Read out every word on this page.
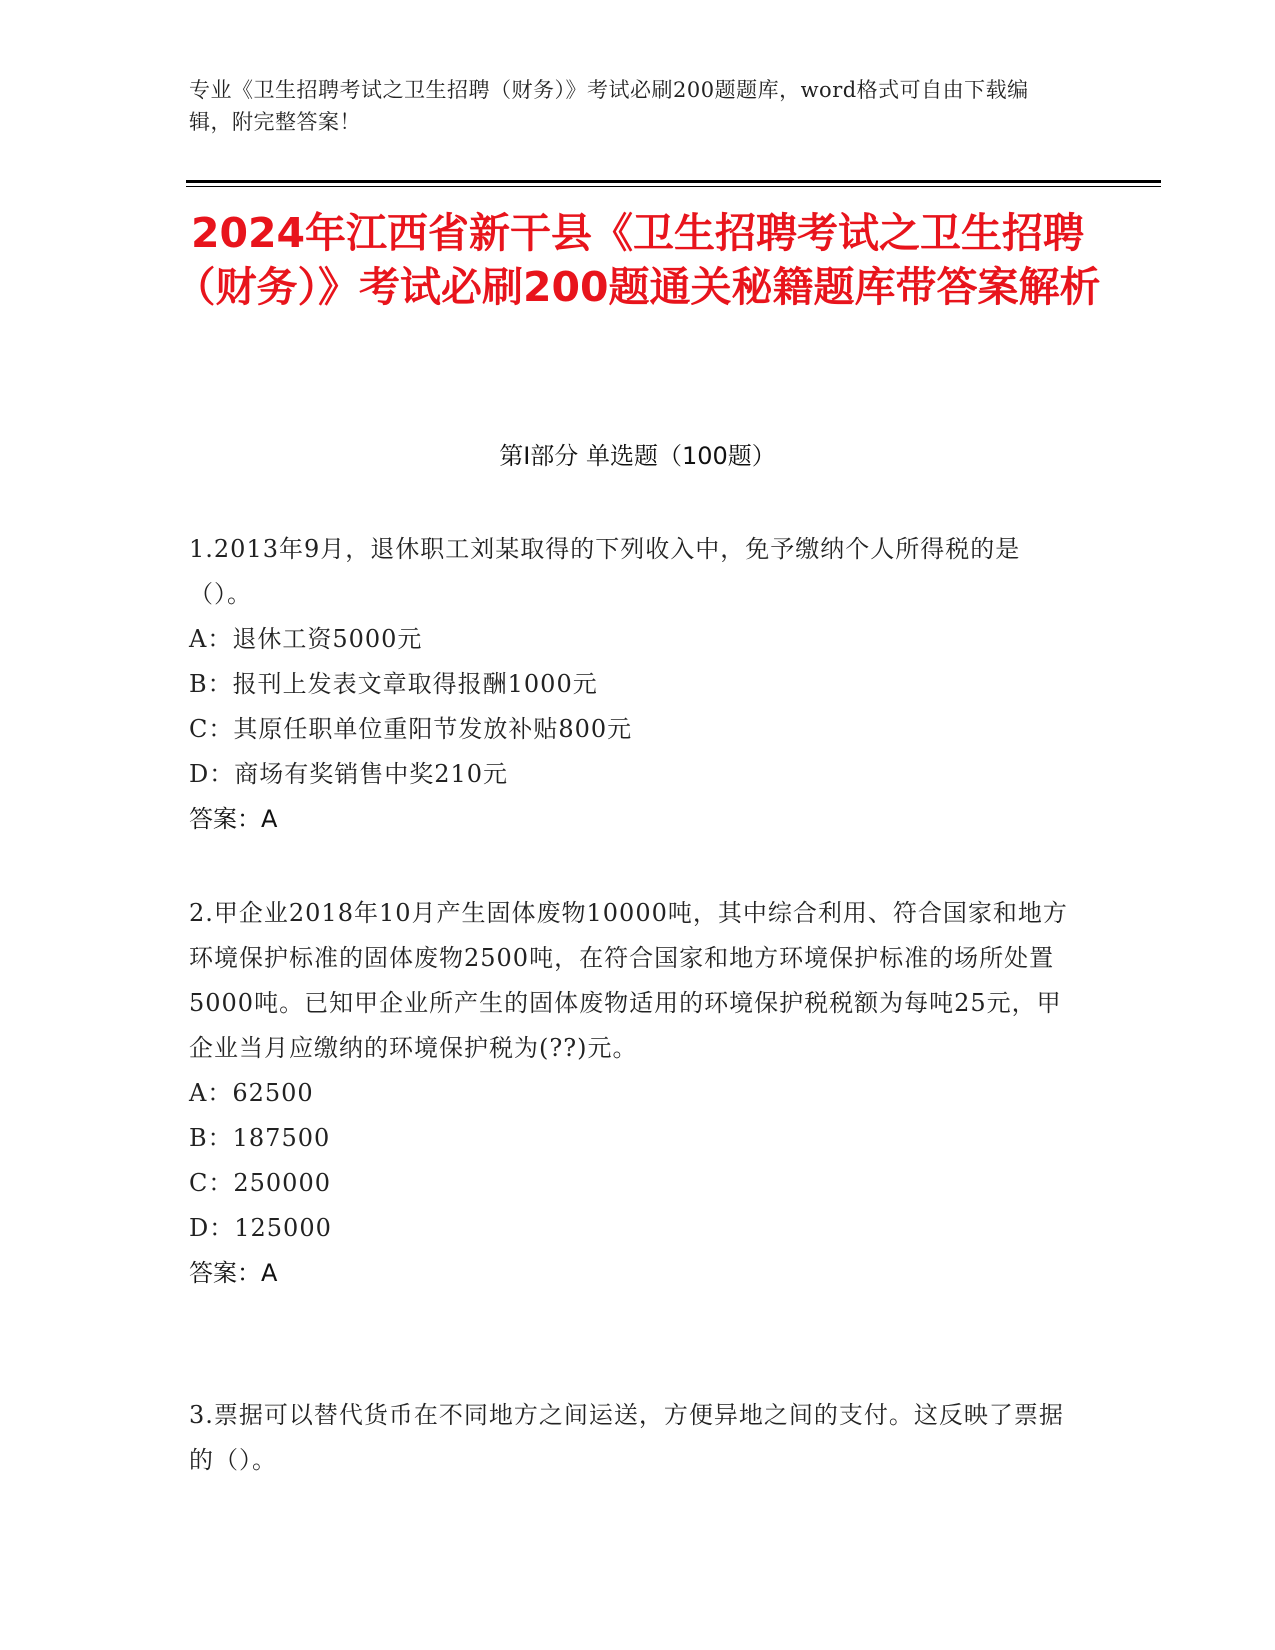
专业《卫生招聘考试之卫生招聘（财务）》考试必刷200题题库，word格式可自由下载编辑，附完整答案！
2024年江西省新干县《卫生招聘考试之卫生招聘（财务）》考试必刷200题通关秘籍题库带答案解析
第I部分 单选题（100题）
1.2013年9月，退休职工刘某取得的下列收入中，免予缴纳个人所得税的是（）。
A：退休工资5000元
B：报刊上发表文章取得报酬1000元
C：其原任职单位重阳节发放补贴800元
D：商场有奖销售中奖210元
答案：A
2.甲企业2018年10月产生固体废物10000吨，其中综合利用、符合国家和地方环境保护标准的固体废物2500吨，在符合国家和地方环境保护标准的场所处置5000吨。已知甲企业所产生的固体废物适用的环境保护税税额为每吨25元，甲企业当月应缴纳的环境保护税为(??)元。
A：62500
B：187500
C：250000
D：125000
答案：A
3.票据可以替代货币在不同地方之间运送，方便异地之间的支付。这反映了票据的（）。
